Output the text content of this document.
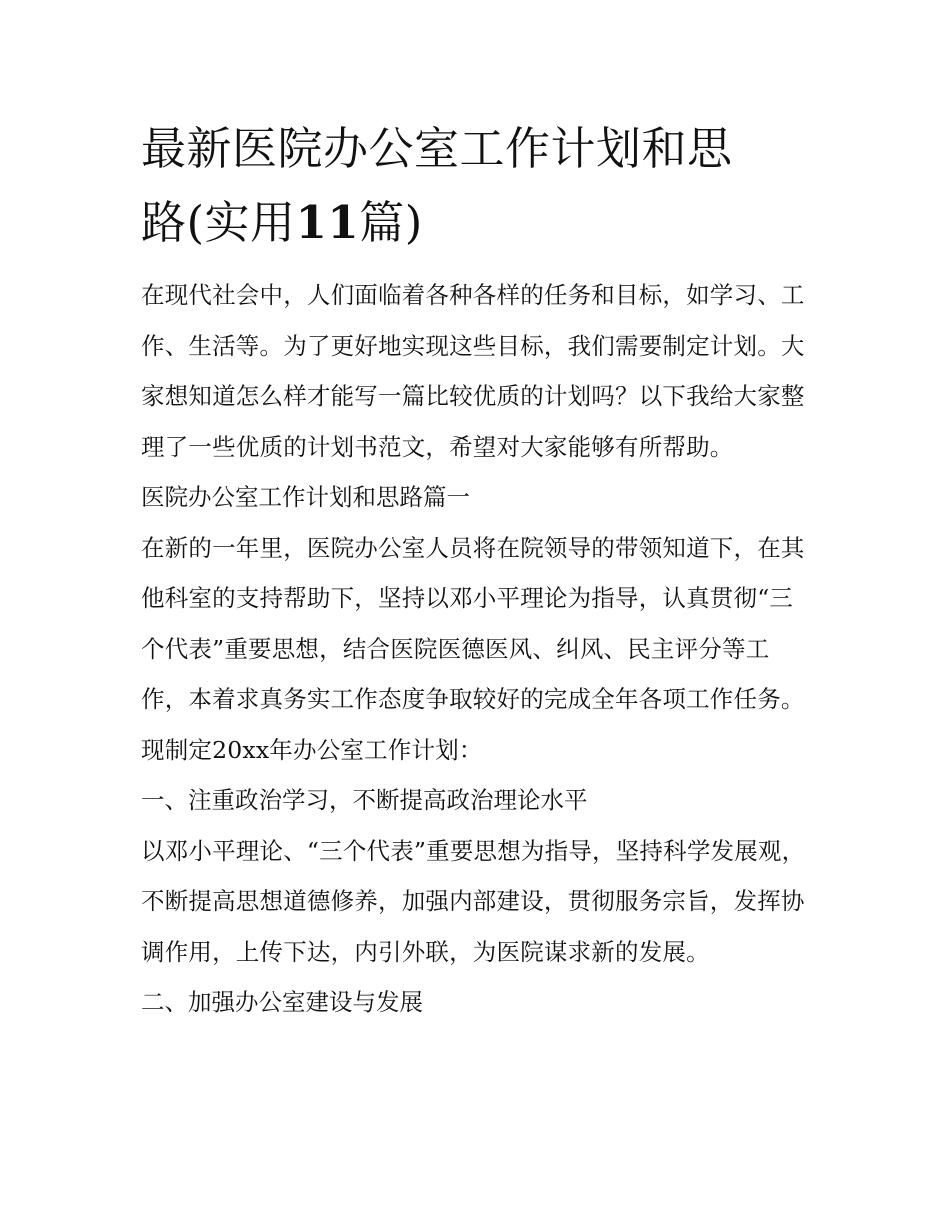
最新医院办公室工作计划和思
路(实用11篇)

在现代社会中，人们面临着各种各样的任务和目标，如学习、工作、生活等。为了更好地实现这些目标，我们需要制定计划。大家想知道怎么样才能写一篇比较优质的计划吗？以下我给大家整理了一些优质的计划书范文，希望对大家能够有所帮助。

医院办公室工作计划和思路篇一

在新的一年里，医院办公室人员将在院领导的带领知道下，在其他科室的支持帮助下，坚持以邓小平理论为指导，认真贯彻“三个代表”重要思想，结合医院医德医风、纠风、民主评分等工作，本着求真务实工作态度争取较好的完成全年各项工作任务。现制定20xx年办公室工作计划：

一、注重政治学习，不断提高政治理论水平

以邓小平理论、“三个代表”重要思想为指导，坚持科学发展观，不断提高思想道德修养，加强内部建设，贯彻服务宗旨，发挥协调作用，上传下达，内引外联，为医院谋求新的发展。

二、加强办公室建设与发展
